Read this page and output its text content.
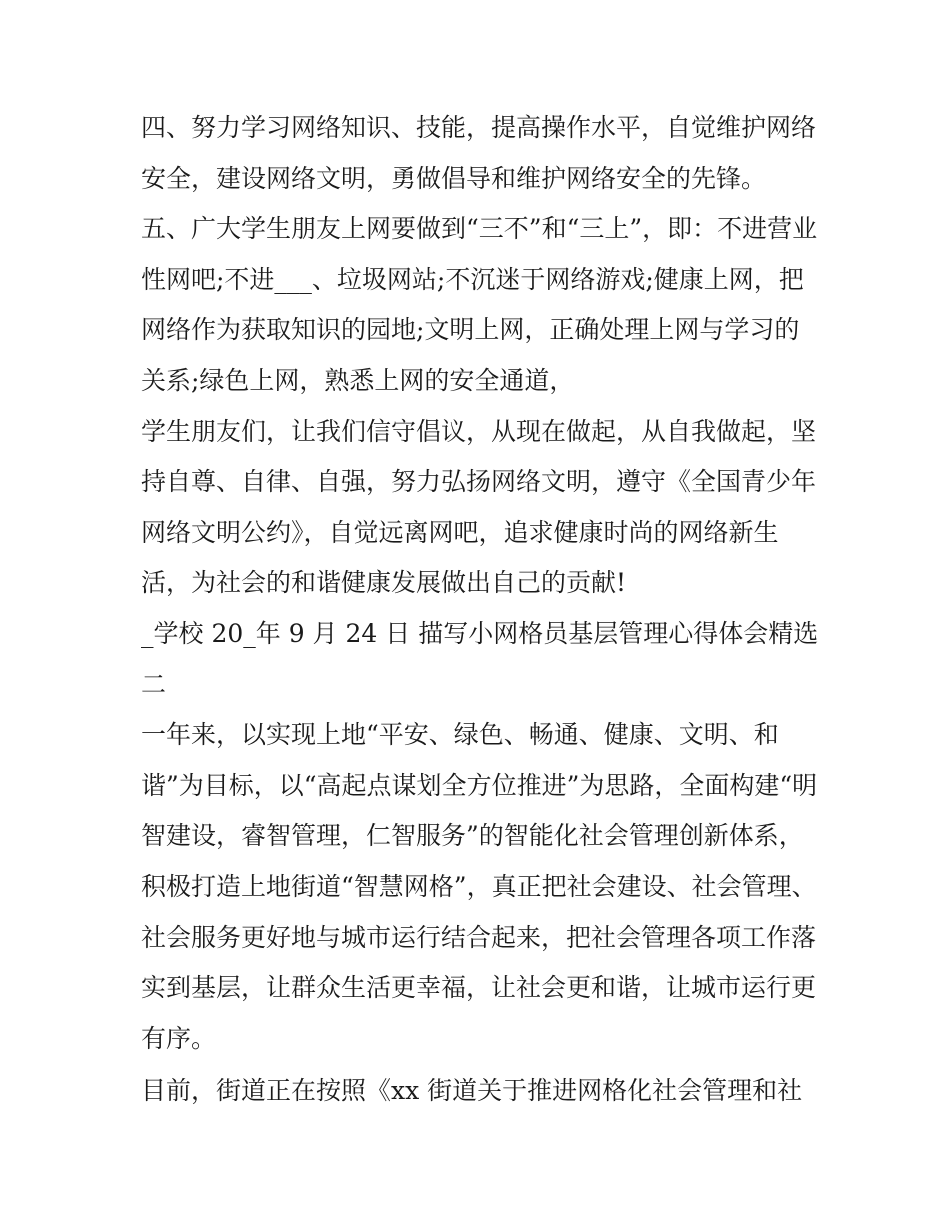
四、努力学习网络知识、技能，提高操作水平，自觉维护网络
安全，建设网络文明，勇做倡导和维护网络安全的先锋。
五、广大学生朋友上网要做到“三不”和“三上”，即：不进营业
性网吧;不进___、垃圾网站;不沉迷于网络游戏;健康上网，把
网络作为获取知识的园地;文明上网，正确处理上网与学习的
关系;绿色上网，熟悉上网的安全通道，
学生朋友们，让我们信守倡议，从现在做起，从自我做起，坚
持自尊、自律、自强，努力弘扬网络文明，遵守《全国青少年
网络文明公约》，自觉远离网吧，追求健康时尚的网络新生
活，为社会的和谐健康发展做出自己的贡献!
_学校 20_年 9 月 24 日 描写小网格员基层管理心得体会精选
二
一年来，以实现上地“平安、绿色、畅通、健康、文明、和
谐”为目标，以“高起点谋划全方位推进”为思路，全面构建“明
智建设，睿智管理，仁智服务”的智能化社会管理创新体系，
积极打造上地街道“智慧网格”，真正把社会建设、社会管理、
社会服务更好地与城市运行结合起来，把社会管理各项工作落
实到基层，让群众生活更幸福，让社会更和谐，让城市运行更
有序。
目前，街道正在按照《xx 街道关于推进网格化社会管理和社
